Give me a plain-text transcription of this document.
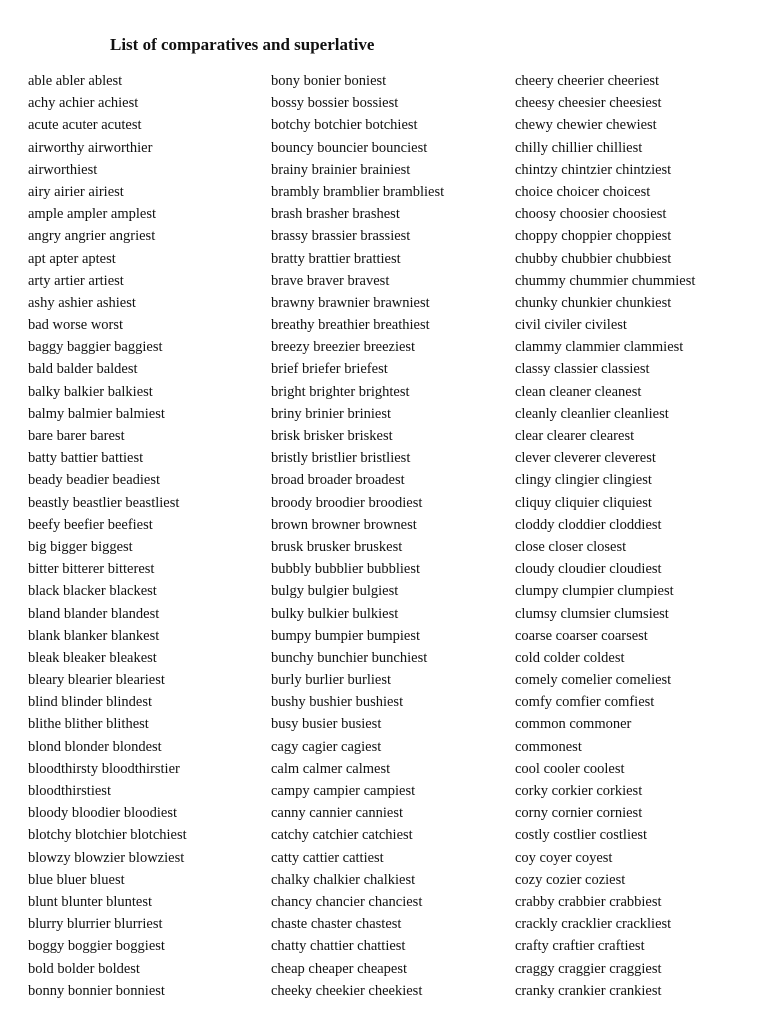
List of comparatives and superlative
able abler ablest
achy achier achiest
acute acuter acutest
airworthy airworthier
airworthiest
airy airier airiest
ample ampler amplest
angry angrier angriest
apt apter aptest
arty artier artiest
ashy ashier ashiest
bad worse worst
baggy baggier baggiest
bald balder baldest
balky balkier balkiest
balmy balmier balmiest
bare barer barest
batty battier battiest
beady beadier beadiest
beastly beastlier beastliest
beefy beefier beefiest
big bigger biggest
bitter bitterer bitterest
black blacker blackest
bland blander blandest
blank blanker blankest
bleak bleaker bleakest
bleary blearier bleariest
blind blinder blindest
blithe blither blithest
blond blonder blondest
bloodthirsty bloodthirstier
bloodthirstiest
bloody bloodier bloodiest
blotchy blotchier blotchiest
blowzy blowzier blowziest
blue bluer bluest
blunt blunter bluntest
blurry blurrier blurriest
boggy boggier boggiest
bold bolder boldest
bonny bonnier bonniest
bony bonier boniest
bossy bossier bossiest
botchy botchier botchiest
bouncy bouncier bounciest
brainy brainier brainiest
brambly bramblier brambliest
brash brasher brashest
brassy brassier brassiest
bratty brattier brattiest
brave braver bravest
brawny brawnier brawniest
breathy breathier breathiest
breezy breezier breeziest
brief briefer briefest
bright brighter brightest
briny brinier briniest
brisk brisker briskest
bristly bristlier bristliest
broad broader broadest
broody broodier broodiest
brown browner brownest
brusk brusker bruskest
bubbly bubblier bubbliest
bulgy bulgier bulgiest
bulky bulkier bulkiest
bumpy bumpier bumpiest
bunchy bunchier bunchiest
burly burlier burliest
bushy bushier bushiest
busy busier busiest
cagy cagier cagiest
calm calmer calmest
campy campier campiest
canny cannier canniest
catchy catchier catchiest
catty cattier cattiest
chalky chalkier chalkiest
chancy chancier chanciest
chaste chaster chastest
chatty chattier chattiest
cheap cheaper cheapest
cheeky cheekier cheekiest
cheery cheerier cheeriest
cheesy cheesier cheesiest
chewy chewier chewiest
chilly chillier chilliest
chintzy chintzier chintziest
choice choicer choicest
choosy choosier choosiest
choppy choppier choppiest
chubby chubbier chubbiest
chummy chummier chummiest
chunky chunkier chunkiest
civil civiler civilest
clammy clammier clammiest
classy classier classiest
clean cleaner cleanest
cleanly cleanlier cleanliest
clear clearer clearest
clever cleverer cleverest
clingy clingier clingiest
cliquy cliquier cliquiest
cloddy cloddier cloddiest
close closer closest
cloudy cloudier cloudiest
clumpy clumpier clumpiest
clumsy clumsier clumsiest
coarse coarser coarsest
cold colder coldest
comely comelier comeliest
comfy comfier comfiest
common commoner
commonest
cool cooler coolest
corky corkier corkiest
corny cornier corniest
costly costlier costliest
coy coyer coyest
cozy cozier coziest
crabby crabbier crabbiest
crackly cracklier crackliest
crafty craftier craftiest
craggy craggier craggiest
cranky crankier crankiest
